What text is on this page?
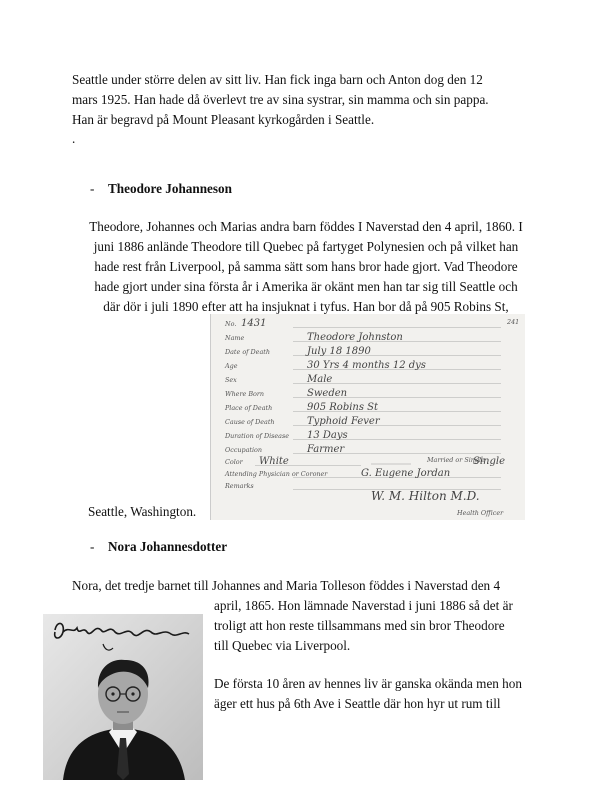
Seattle under större delen av sitt liv. Han fick inga barn och Anton dog den 12
mars 1925. Han hade då överlevt tre av sina systrar, sin mamma och sin pappa.
Han är begravd på Mount Pleasant kyrkogården i Seattle.
.
- Theodore Johanneson
Theodore, Johannes och Marias andra barn föddes I Naverstad den 4 april, 1860. I
juni 1886 anlände Theodore till Quebec på fartyget Polynesien och på vilket han
hade rest från Liverpool, på samma sätt som hans bror hade gjort. Vad Theodore
hade gjort under sina första år i Amerika är okänt men han tar sig till Seattle och
där dör i juli 1890 efter att ha insjuknat i tyfus. Han bor då på 905 Robins St,
No.
Name
Date of Death
Age
Sex
Where Born
Place of Death
Cause of Death
Duration of Disease
Occupation
Color
Attending Physician or Coroner
Remarks
1431
Theodore Johnston
July 18 1890
30 Yrs 4 months 12 dys
Male
Sweden
905 Robins St
Typhoid Fever
13 Days
Farmer
White
G. Eugene Jordan
241
Married or Single
Single
W. M. Hilton M.D.
Health Officer
Seattle, Washington.
- Nora Johannesdotter
Nora, det tredje barnet till Johannes and Maria Tolleson föddes i Naverstad den 4
april, 1865. Hon lämnade Naverstad i juni 1886 så det är
troligt att hon reste tillsammans med sin bror Theodore
till Quebec via Liverpool.
De första 10 åren av hennes liv är ganska okända men hon
äger ett hus på 6th Ave i Seattle där hon hyr ut rum till
